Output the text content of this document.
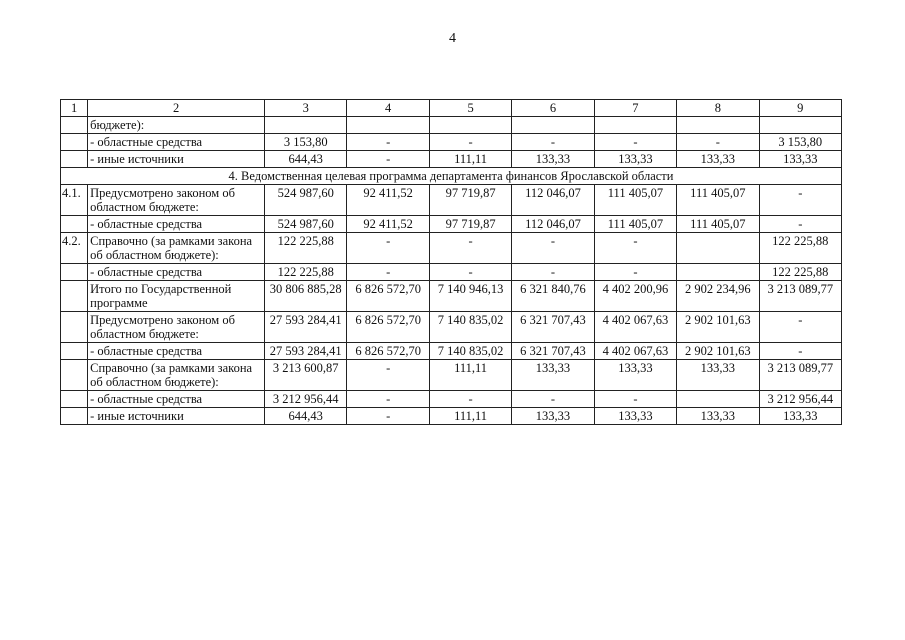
4
1	2	3	4	5	6	7	8	9
	бюджете):							
	- областные средства	3 153,80	-	-	-	-	-	3 153,80
	- иные источники	644,43	-	111,11	133,33	133,33	133,33	133,33
4. Ведомственная целевая программа департамента финансов Ярославской области								
4.1.	Предусмотрено законом об областном бюджете:	524 987,60	92 411,52	97 719,87	112 046,07	111 405,07	111 405,07	-
	- областные средства	524 987,60	92 411,52	97 719,87	112 046,07	111 405,07	111 405,07	-
4.2.	Справочно (за рамками закона об областном бюджете):	122 225,88	-	-	-	-		122 225,88
	- областные средства	122 225,88	-	-	-	-		122 225,88
	Итого по Государственной программе	30 806 885,28	6 826 572,70	7 140 946,13	6 321 840,76	4 402 200,96	2 902 234,96	3 213 089,77
	Предусмотрено законом об областном бюджете:	27 593 284,41	6 826 572,70	7 140 835,02	6 321 707,43	4 402 067,63	2 902 101,63	-
	- областные средства	27 593 284,41	6 826 572,70	7 140 835,02	6 321 707,43	4 402 067,63	2 902 101,63	-
	Справочно (за рамками закона об областном бюджете):	3 213 600,87	-	111,11	133,33	133,33	133,33	3 213 089,77
	- областные средства	3 212 956,44	-	-	-	-		3 212 956,44
	- иные источники	644,43	-	111,11	133,33	133,33	133,33	133,33
